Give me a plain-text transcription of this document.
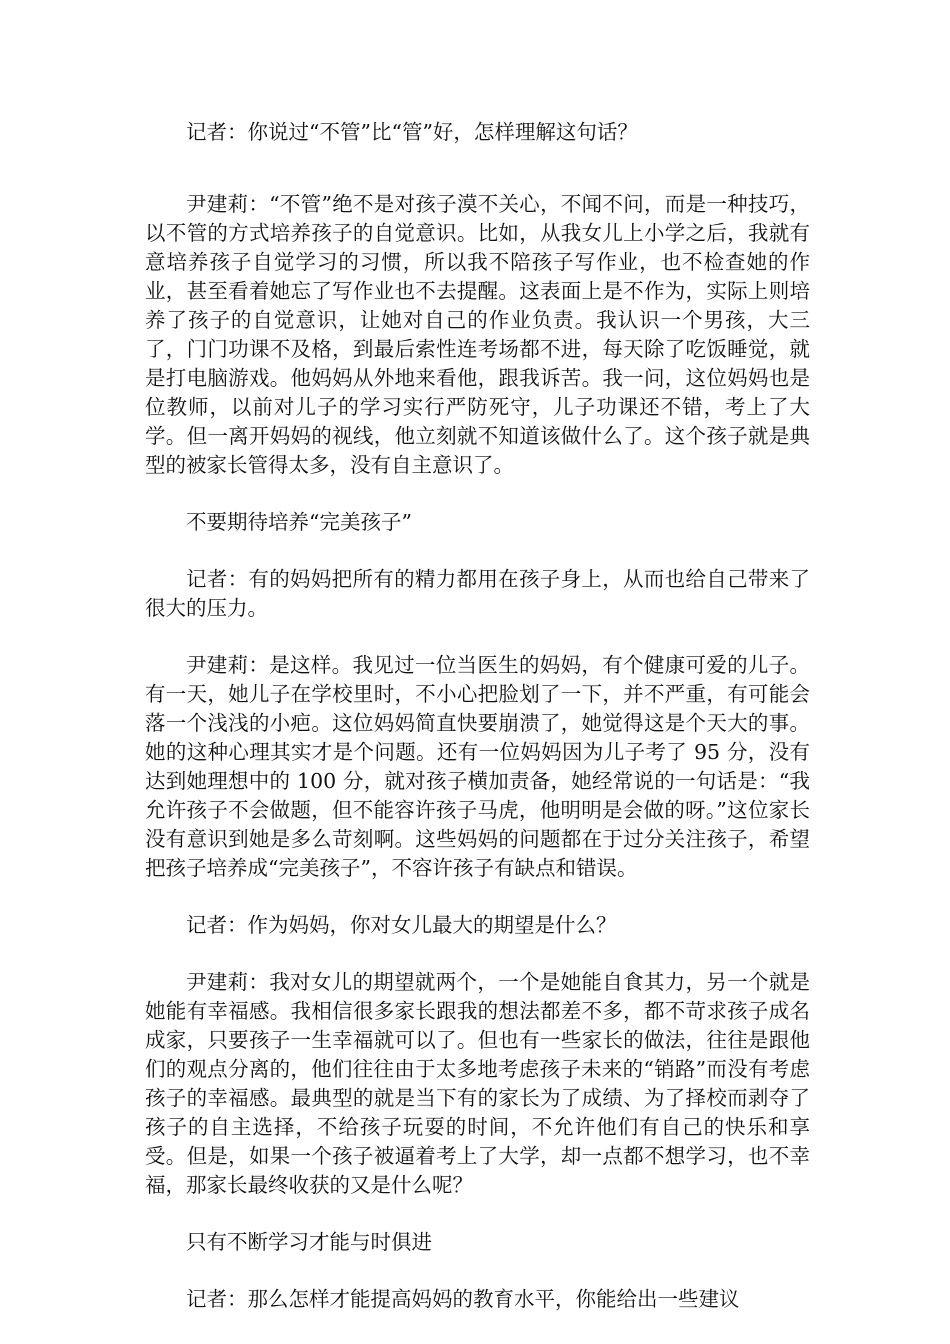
记者：你说过“不管”比“管”好，怎样理解这句话？

尹建莉：“不管”绝不是对孩子漠不关心，不闻不问，而是一种技巧，以不管的方式培养孩子的自觉意识。比如，从我女儿上小学之后，我就有意培养孩子自觉学习的习惯，所以我不陪孩子写作业，也不检查她的作业，甚至看着她忘了写作业也不去提醒。这表面上是不作为，实际上则培养了孩子的自觉意识，让她对自己的作业负责。我认识一个男孩，大三了，门门功课不及格，到最后索性连考场都不进，每天除了吃饭睡觉，就是打电脑游戏。他妈妈从外地来看他，跟我诉苦。我一问，这位妈妈也是位教师，以前对儿子的学习实行严防死守，儿子功课还不错，考上了大学。但一离开妈妈的视线，他立刻就不知道该做什么了。这个孩子就是典型的被家长管得太多，没有自主意识了。

不要期待培养“完美孩子”

记者：有的妈妈把所有的精力都用在孩子身上，从而也给自己带来了很大的压力。

尹建莉：是这样。我见过一位当医生的妈妈，有个健康可爱的儿子。有一天，她儿子在学校里时，不小心把脸划了一下，并不严重，有可能会落一个浅浅的小疤。这位妈妈简直快要崩溃了，她觉得这是个天大的事。她的这种心理其实才是个问题。还有一位妈妈因为儿子考了 95 分，没有达到她理想中的 100 分，就对孩子横加责备，她经常说的一句话是：“我允许孩子不会做题，但不能容许孩子马虎，他明明是会做的呀。”这位家长没有意识到她是多么苛刻啊。这些妈妈的问题都在于过分关注孩子，希望把孩子培养成“完美孩子”，不容许孩子有缺点和错误。

记者：作为妈妈，你对女儿最大的期望是什么？

尹建莉：我对女儿的期望就两个，一个是她能自食其力，另一个就是她能有幸福感。我相信很多家长跟我的想法都差不多，都不苛求孩子成名成家，只要孩子一生幸福就可以了。但也有一些家长的做法，往往是跟他们的观点分离的，他们往往由于太多地考虑孩子未来的“销路”而没有考虑孩子的幸福感。最典型的就是当下有的家长为了成绩、为了择校而剥夺了孩子的自主选择，不给孩子玩耍的时间，不允许他们有自己的快乐和享受。但是，如果一个孩子被逼着考上了大学，却一点都不想学习，也不幸福，那家长最终收获的又是什么呢？

只有不断学习才能与时俱进

记者：那么怎样才能提高妈妈的教育水平，你能给出一些建议
